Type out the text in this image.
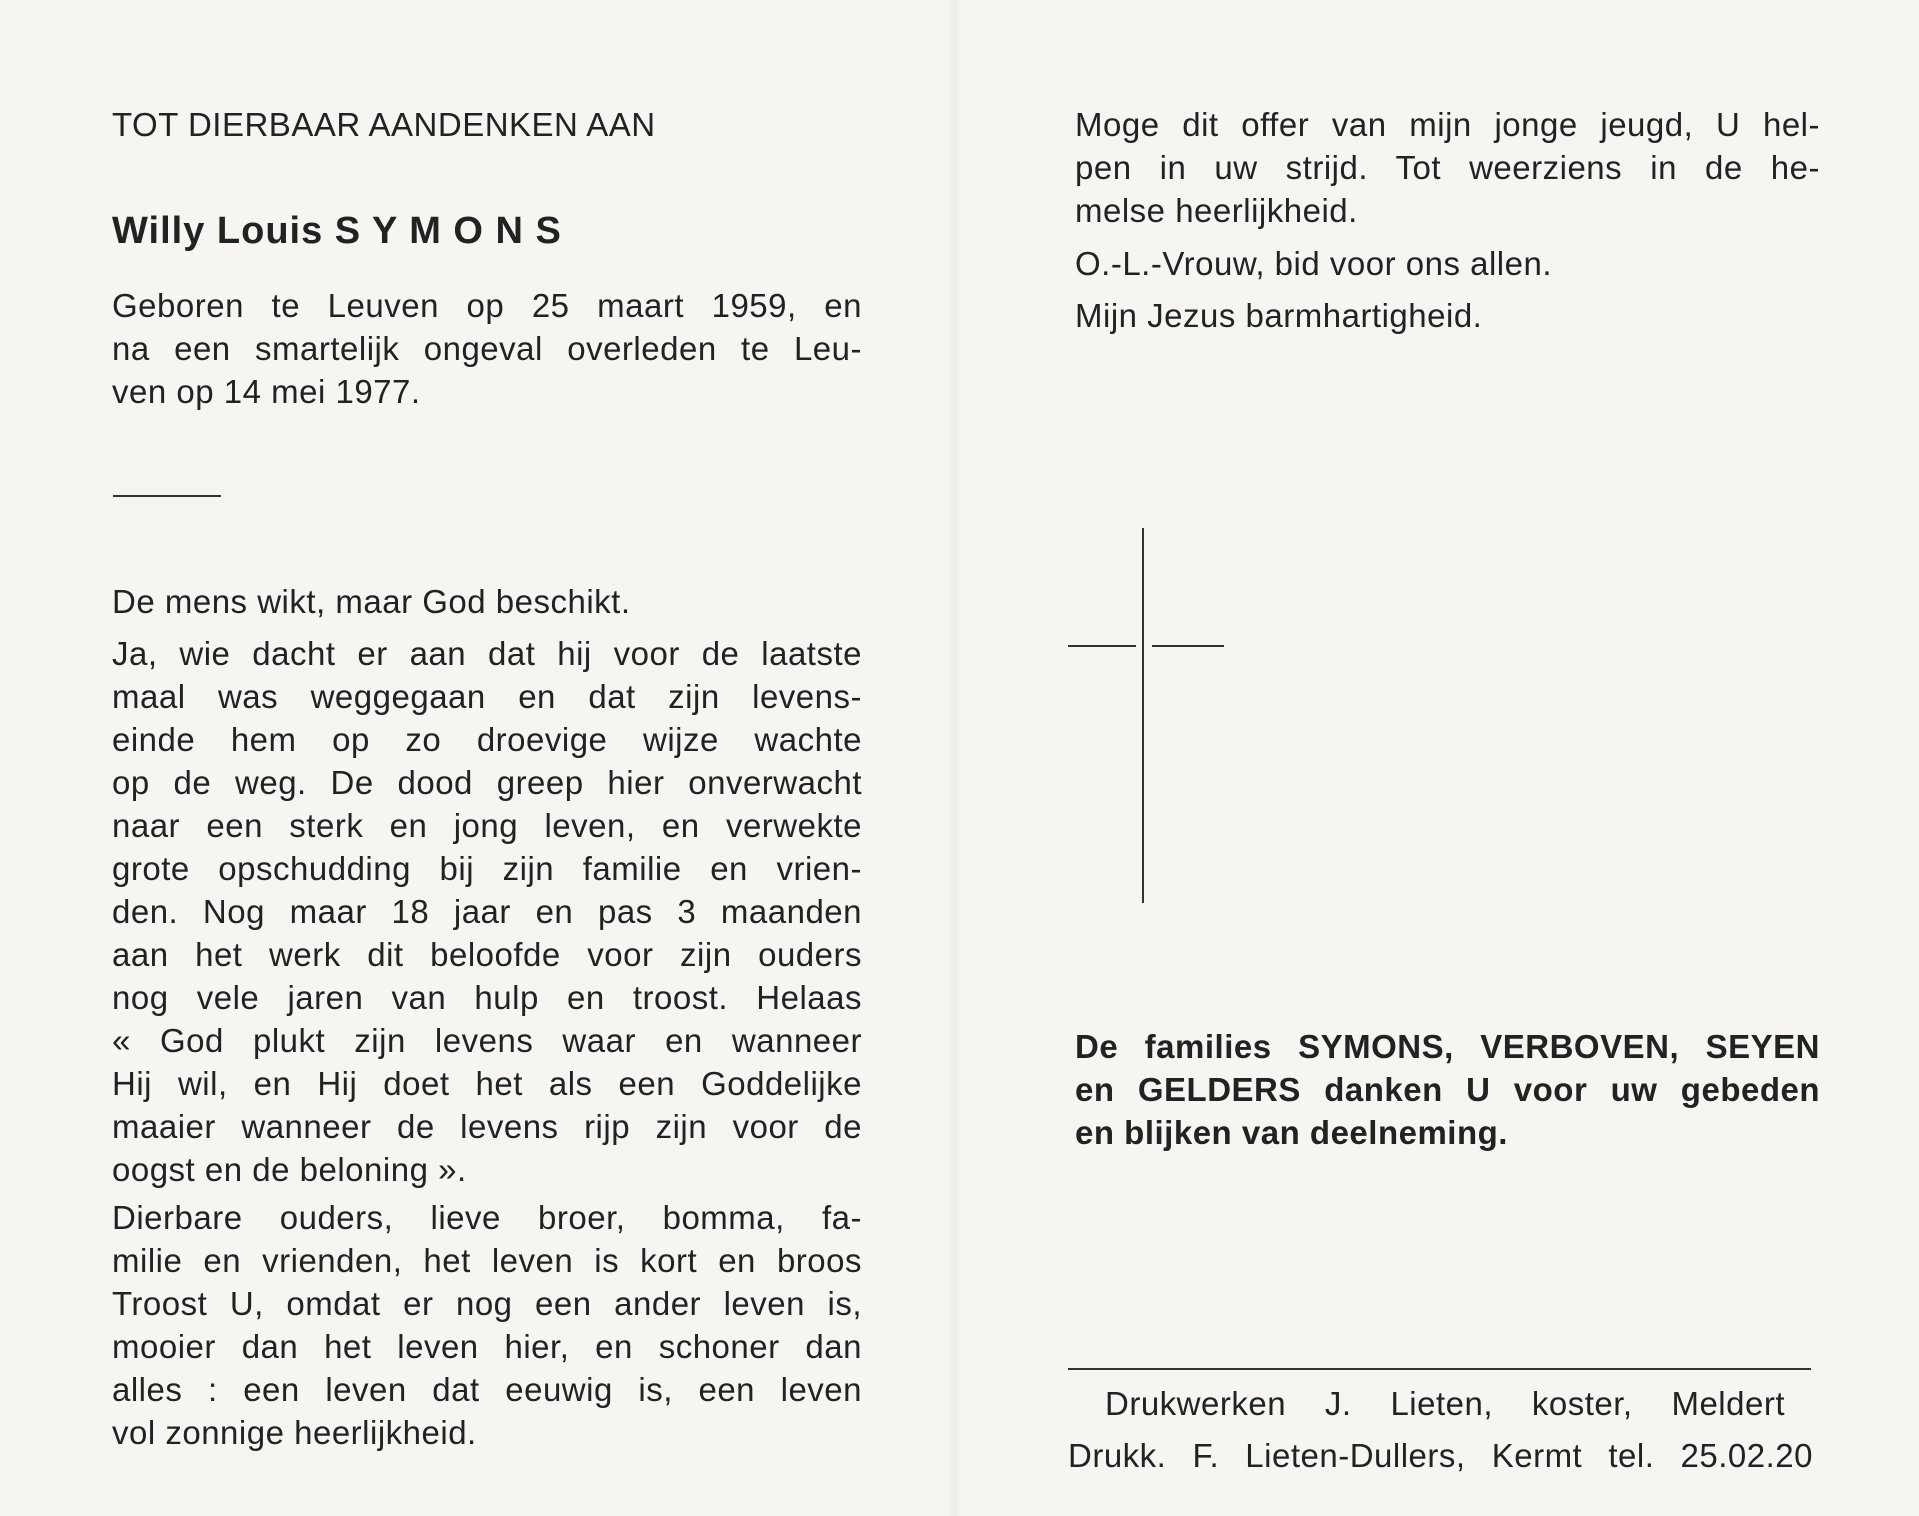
TOT DIERBAAR AANDENKEN AAN

Willy Louis S Y M O N S

Geboren te Leuven op 25 maart 1959, en
na een smartelijk ongeval overleden te Leu-
ven op 14 mei 1977.

De mens wikt, maar God beschikt.

Ja, wie dacht er aan dat hij voor de laatste
maal was weggegaan en dat zijn levens-
einde hem op zo droevige wijze wachte
op de weg. De dood greep hier onverwacht
naar een sterk en jong leven, en verwekte
grote opschudding bij zijn familie en vrien-
den. Nog maar 18 jaar en pas 3 maanden
aan het werk dit beloofde voor zijn ouders
nog vele jaren van hulp en troost. Helaas
« God plukt zijn levens waar en wanneer
Hij wil, en Hij doet het als een Goddelijke
maaier wanneer de levens rijp zijn voor de
oogst en de beloning ».
Dierbare ouders, lieve broer, bomma, fa-
milie en vrienden, het leven is kort en broos
Troost U, omdat er nog een ander leven is,
mooier dan het leven hier, en schoner dan
alles : een leven dat eeuwig is, een leven
vol zonnige heerlijkheid.
Moge dit offer van mijn jonge jeugd, U hel-
pen in uw strijd. Tot weerziens in de he-
melse heerlijkheid.

O.-L.-Vrouw, bid voor ons allen.

Mijn Jezus barmhartigheid.

De families SYMONS, VERBOVEN, SEYEN
en GELDERS danken U voor uw gebeden
en blijken van deelneming.

Drukwerken J. Lieten, koster, Meldert

Drukk. F. Lieten-Dullers, Kermt tel. 25.02.20
